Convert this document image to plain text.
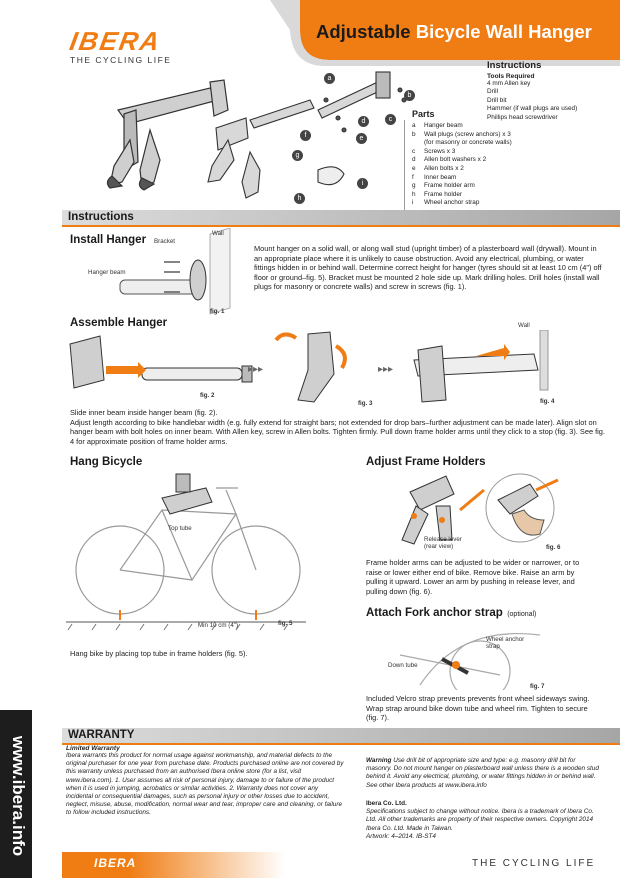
Adjustable Bicycle Wall Hanger
IBERA
THE CYCLING LIFE
a
b
c
d
e
f
g
h
i
Instructions
Tools Required
4 mm Allen key
Drill
Drill bit
Hammer (if wall plugs are used)
Phillips head screwdriver
Parts
a	Hanger beam
b	Wall plugs (screw anchors) x 3
(for masonry or concrete walls)
c	Screws x 3
d	Allen bolt washers x 2
e	Allen bolts x 2
f	Inner beam
g	Frame holder arm
h	Frame holder
i	Wheel anchor strap
Instructions
Install Hanger Bracket
Wall
Hanger beam
fig. 1
Mount hanger on a solid wall, or along wall stud (upright timber) of a plasterboard wall (drywall). Mount in an appropriate place where it is unlikely to cause obstruction. Avoid any electrical, plumbing, or water fittings hidden in or behind wall. Determine correct height for hanger (tyres should sit at least 10 cm (4") off floor or ground–fig. 5). Bracket must be mounted 2 hole side up. Mark drilling holes. Drill holes (install wall plugs for masonry or concrete walls) and screw in screws (fig. 1).
Assemble Hanger
▸▸▸	▸▸▸
Wall
fig. 2
fig. 3	fig. 4
Slide inner beam inside hanger beam (fig. 2).
Adjust length according to bike handlebar width (e.g. fully extend for straight bars; not extended for drop bars–further adjustment can be made later). Align slot on hanger beam with bolt holes on inner beam. With Allen key, screw in Allen bolts. Tighten firmly. Pull down frame holder arms until they click to a stop (fig. 3). See fig. 4 for approximate position of frame holder arms.
Hang Bicycle
Top tube
Min 10 cm (4")	fig. 5
Hang bike by placing top tube in frame holders (fig. 5).
Adjust Frame Holders
Release lever
(rear view)	fig. 6
Frame holder arms can be adjusted to be wider or narrower, or to raise or lower either end of bike. Remove bike. Raise an arm by pulling it upward. Lower an arm by pushing in release lever, and pulling down (fig. 6).
Attach Fork anchor strap (optional)
Wheel anchor
strap
Down tube
fig. 7
Included Velcro strap prevents prevents front wheel sideways swing. Wrap strap around bike down tube and wheel rim. Tighten to secure (fig. 7).
WARRANTY
Limited Warranty
Ibera warrants this product for normal usage against workmanship, and material defects to the original purchaser for one year from purchase date. Products purchased online are not covered by this warranty unless purchased from an authorised Ibera online store (for a list, visit www.ibera.com). 1. User assumes all risk of personal injury, damage to or failure of the product when it is used in jumping, acrobatics or similar activities. 2. Warranty does not cover any incidental or consequential damages, such as personal injury or other losses due to accident, neglect, misuse, abuse, modification, normal wear and tear, improper care and cleaning, or failure to follow included instructions.
Warning Use drill bit of appropriate size and type: e.g. masonry drill bit for masonry. Do not mount hanger on plasterboard wall unless there is a wooden stud behind it. Avoid any electrical, plumbing, or water fittings hidden in or behind wall. See other Ibera products at www.ibera.info
Ibera Co. Ltd.
Specifications subject to change without notice. Ibera is a trademark of Ibera Co. Ltd. All other trademarks are property of their respective owners. Copyright 2014 Ibera Co. Ltd. Made in Taiwan.
Artwork: 4–2014. IB-ST4
www.ibera.info
IBERA	THE CYCLING LIFE
